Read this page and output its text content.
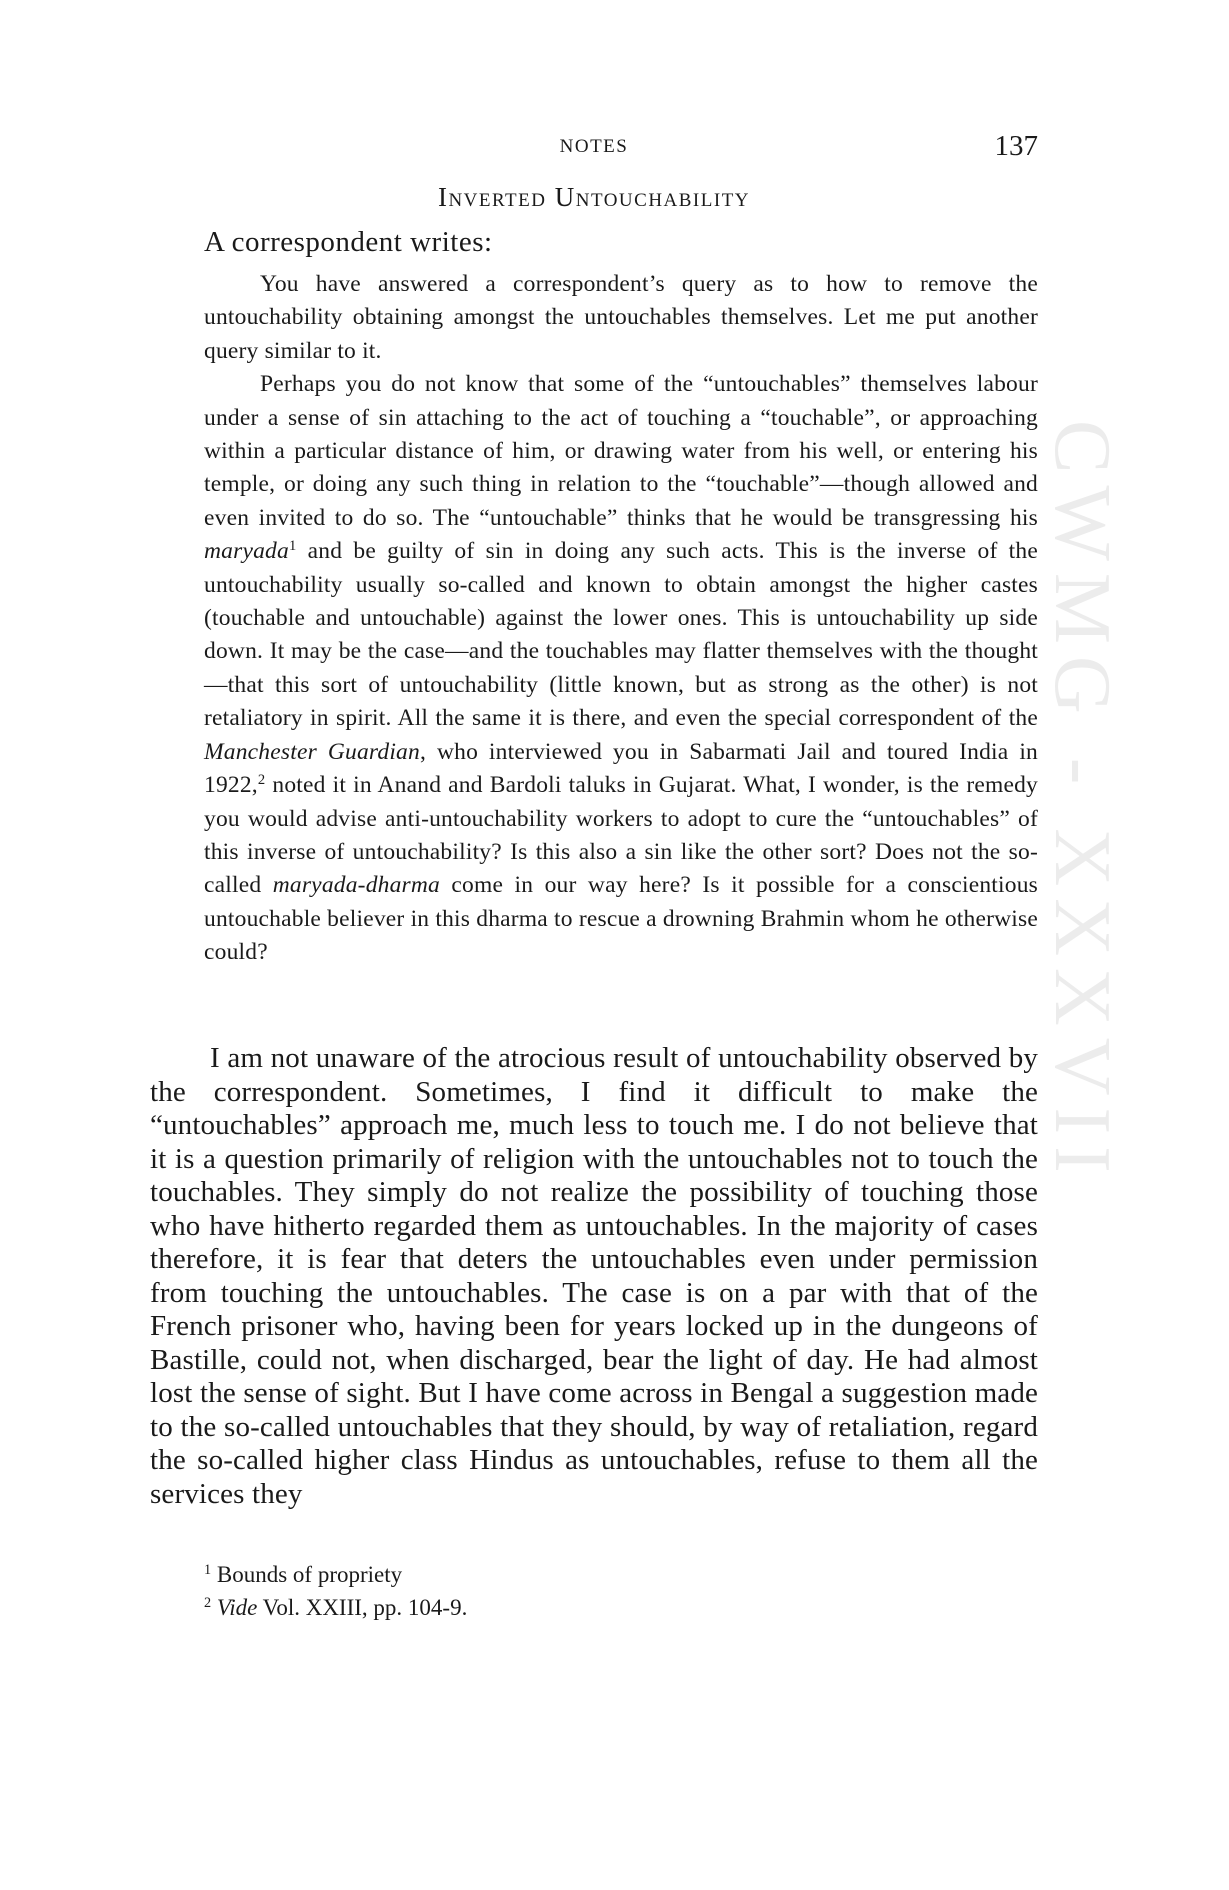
CWMG - XXXVII
NOTES	137
Inverted Untouchability
A correspondent writes:

You have answered a correspondent’s query as to how to remove the untouchability obtaining amongst the untouchables themselves. Let me put another query similar to it.

Perhaps you do not know that some of the “untouchables” themselves labour under a sense of sin attaching to the act of touching a “touchable”, or approaching within a particular distance of him, or drawing water from his well, or entering his temple, or doing any such thing in relation to the “touchable”—though allowed and even invited to do so. The “untouchable” thinks that he would be transgressing his maryada$^1$ and be guilty of sin in doing any such acts. This is the inverse of the untouchability usually so-called and known to obtain amongst the higher castes (touchable and untouchable) against the lower ones. This is untouchability up side down. It may be the case—and the touchables may flatter themselves with the thought—that this sort of untouchability (little known, but as strong as the other) is not retaliatory in spirit. All the same it is there, and even the special correspondent of the Manchester Guardian, who interviewed you in Sabarmati Jail and toured India in 1922,$^2$ noted it in Anand and Bardoli taluks in Gujarat. What, I wonder, is the remedy you would advise anti-untouchability workers to adopt to cure the “untouchables” of this inverse of untouchability? Is this also a sin like the other sort? Does not the so-called maryada-dharma come in our way here? Is it possible for a conscientious untouchable believer in this dharma to rescue a drowning Brahmin whom he otherwise could?

I am not unaware of the atrocious result of untouchability observed by the correspondent. Sometimes, I find it difficult to make the “untouchables” approach me, much less to touch me. I do not believe that it is a question primarily of religion with the untouchables not to touch the touchables. They simply do not realize the possibility of touching those who have hitherto regarded them as untouchables. In the majority of cases therefore, it is fear that deters the untouchables even under permission from touching the untouchables. The case is on a par with that of the French prisoner who, having been for years locked up in the dungeons of Bastille, could not, when discharged, bear the light of day. He had almost lost the sense of sight. But I have come across in Bengal a suggestion made to the so-called untouchables that they should, by way of retaliation, regard the so-called higher class Hindus as untouchables, refuse to them all the services they

$^1$ Bounds of propriety
$^2$ Vide Vol. XXIII, pp. 104-9.
